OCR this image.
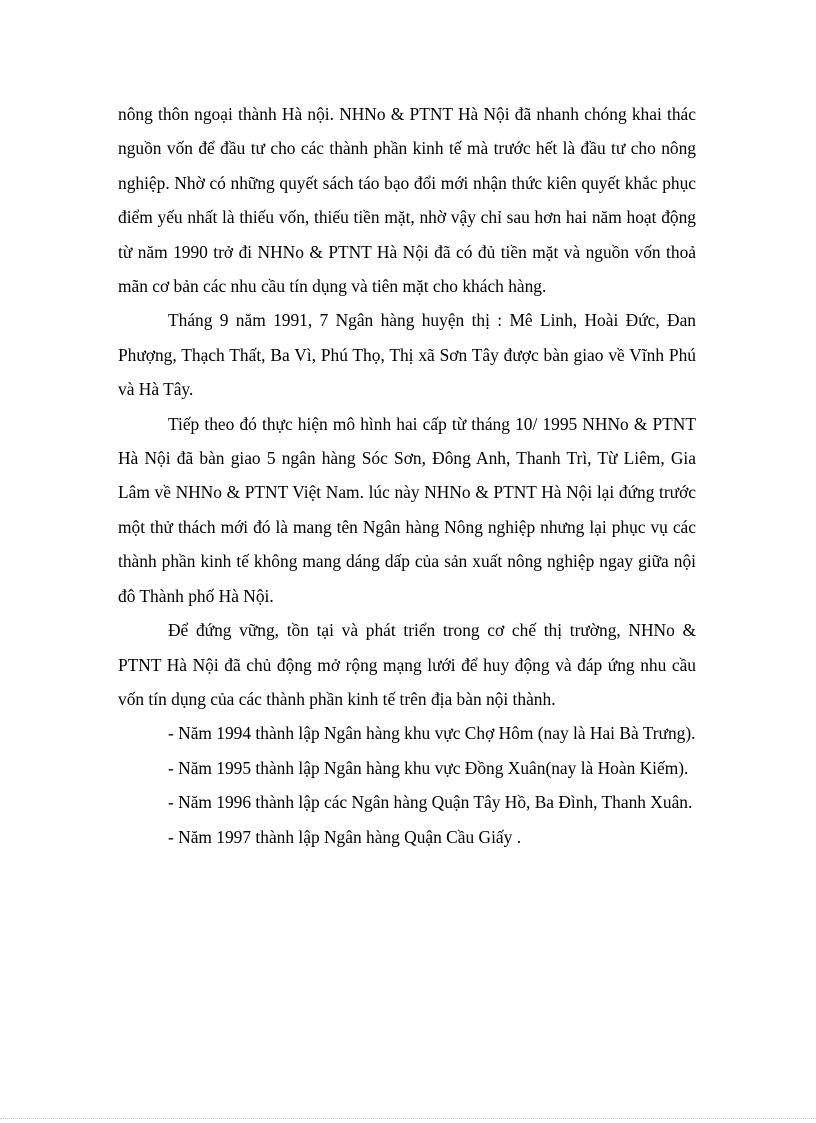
nông thôn ngoại thành Hà nội. NHNo & PTNT Hà Nội đã nhanh chóng khai thác nguồn vốn để đầu tư cho các thành phần kinh tế mà trước hết là đầu tư cho nông nghiệp. Nhờ có những quyết sách táo bạo đổi mới nhận thức kiên quyết khắc phục điểm yếu nhất là thiếu vốn, thiếu tiền mặt, nhờ vậy chỉ sau hơn hai năm hoạt động từ năm 1990 trở đi NHNo & PTNT Hà Nội đã có đủ tiền mặt và nguồn vốn thoả mãn cơ bản các nhu cầu tín dụng và tiên mặt cho khách hàng.

Tháng 9 năm 1991, 7 Ngân hàng huyện thị : Mê Linh, Hoài Đức, Đan Phượng, Thạch Thất, Ba Vì, Phú Thọ, Thị xã Sơn Tây được bàn giao về Vĩnh Phú và Hà Tây.

Tiếp theo đó thực hiện mô hình hai cấp từ tháng 10/ 1995 NHNo & PTNT Hà Nội đã bàn giao 5 ngân hàng Sóc Sơn, Đông Anh, Thanh Trì, Từ Liêm, Gia Lâm về NHNo & PTNT Việt Nam. lúc này NHNo & PTNT Hà Nội lại đứng trước một thử thách mới đó là mang tên Ngân hàng Nông nghiệp nhưng lại phục vụ các thành phần kinh tế không mang dáng dấp của sản xuất nông nghiệp ngay giữa nội đô Thành phố Hà Nội.

Để đứng vững, tồn tại và phát triển trong cơ chế thị trường, NHNo & PTNT Hà Nội đã chủ động mở rộng mạng lưới để huy động và đáp ứng nhu cầu vốn tín dụng của các thành phần kinh tế trên địa bàn nội thành.

- Năm 1994 thành lập Ngân hàng khu vực Chợ Hôm (nay là Hai Bà Trưng).

- Năm 1995 thành lập Ngân hàng khu vực Đồng Xuân(nay là Hoàn Kiếm).

- Năm 1996 thành lập các Ngân hàng Quận Tây Hồ, Ba Đình, Thanh Xuân.

- Năm 1997 thành lập Ngân hàng Quận Cầu Giấy .
